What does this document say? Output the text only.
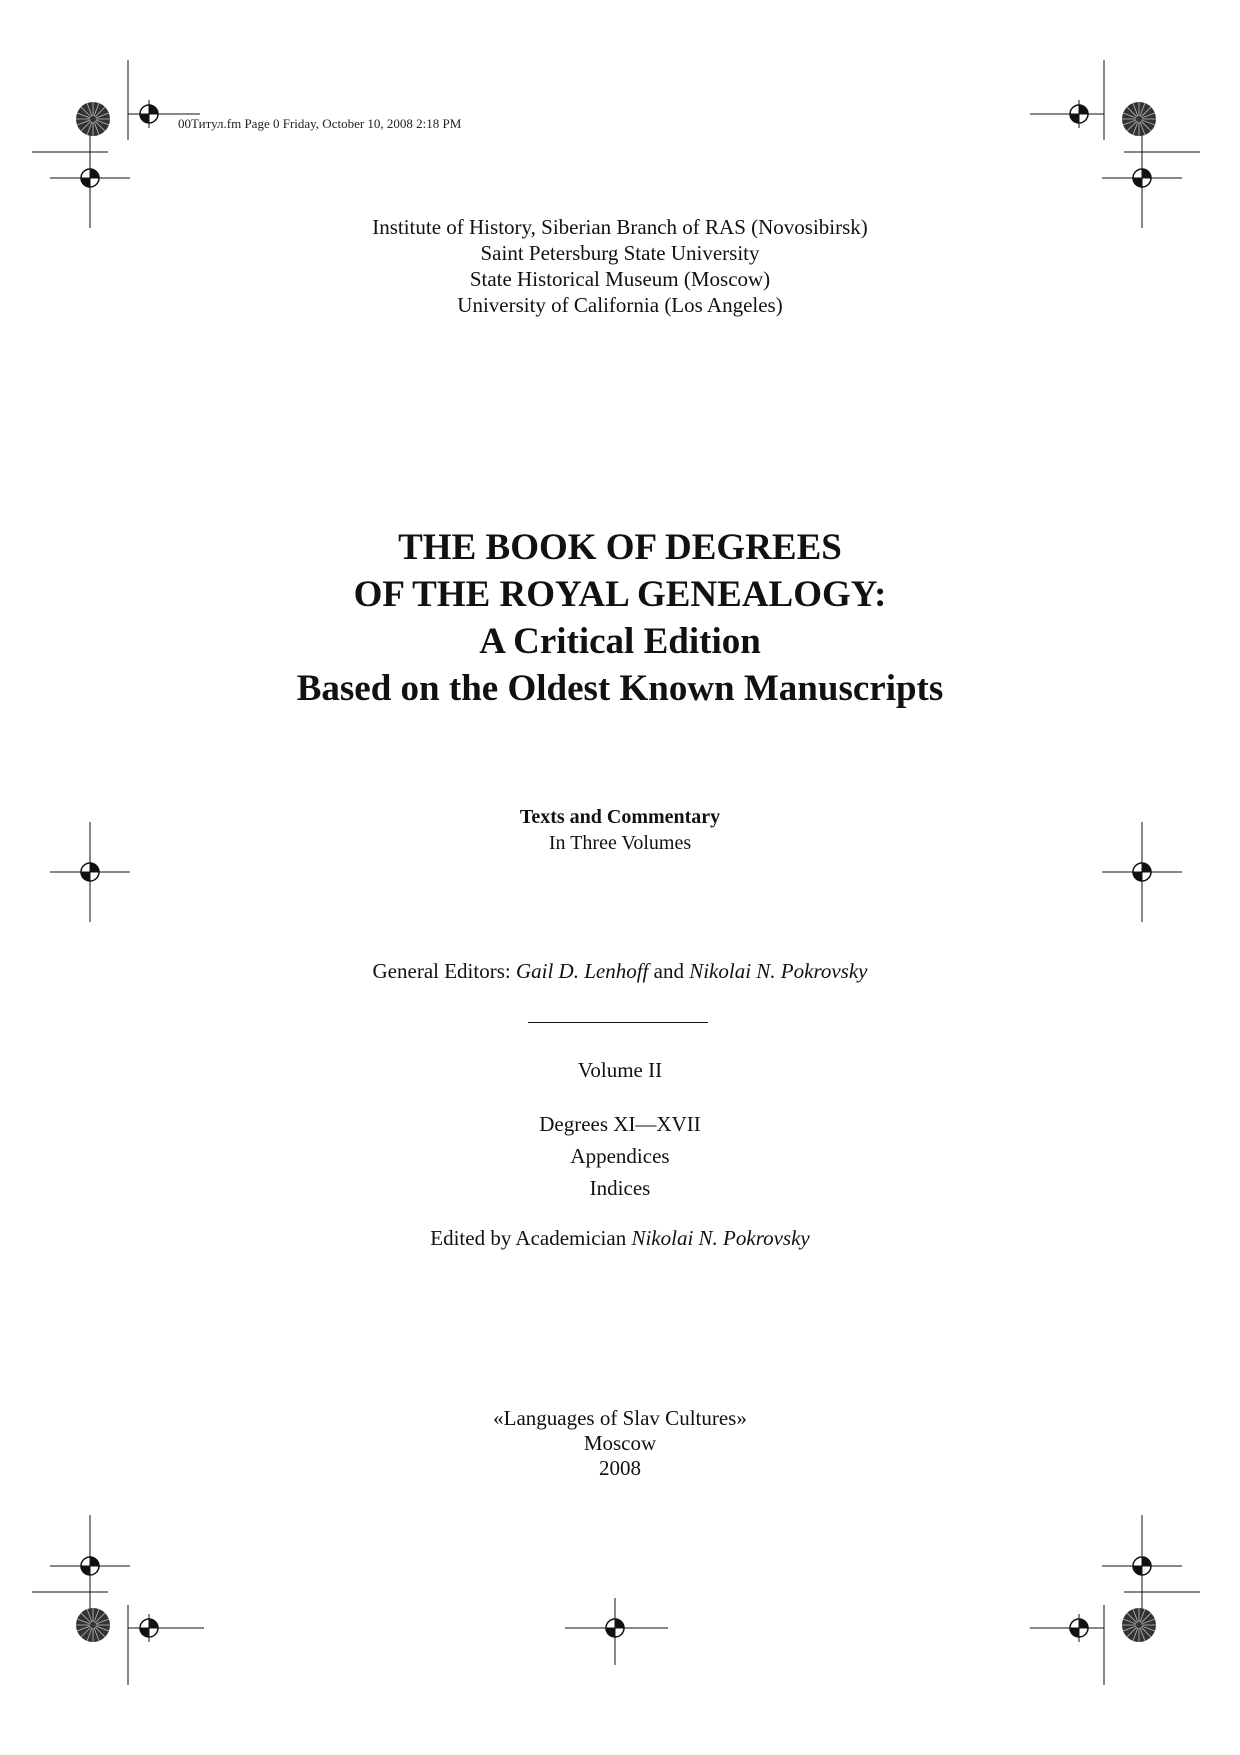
00Титул.fm Page 0 Friday, October 10, 2008 2:18 PM
Institute of History, Siberian Branch of RAS (Novosibirsk)
Saint Petersburg State University
State Historical Museum (Moscow)
University of California (Los Angeles)
THE BOOK OF DEGREES
OF THE ROYAL GENEALOGY:
A Critical Edition
Based on the Oldest Known Manuscripts
Texts and Commentary
In Three Volumes
General Editors: Gail D. Lenhoff and Nikolai N. Pokrovsky
Volume II
Degrees XI—XVII
Appendices
Indices
Edited by Academician Nikolai N. Pokrovsky
«Languages of Slav Cultures»
Moscow
2008
